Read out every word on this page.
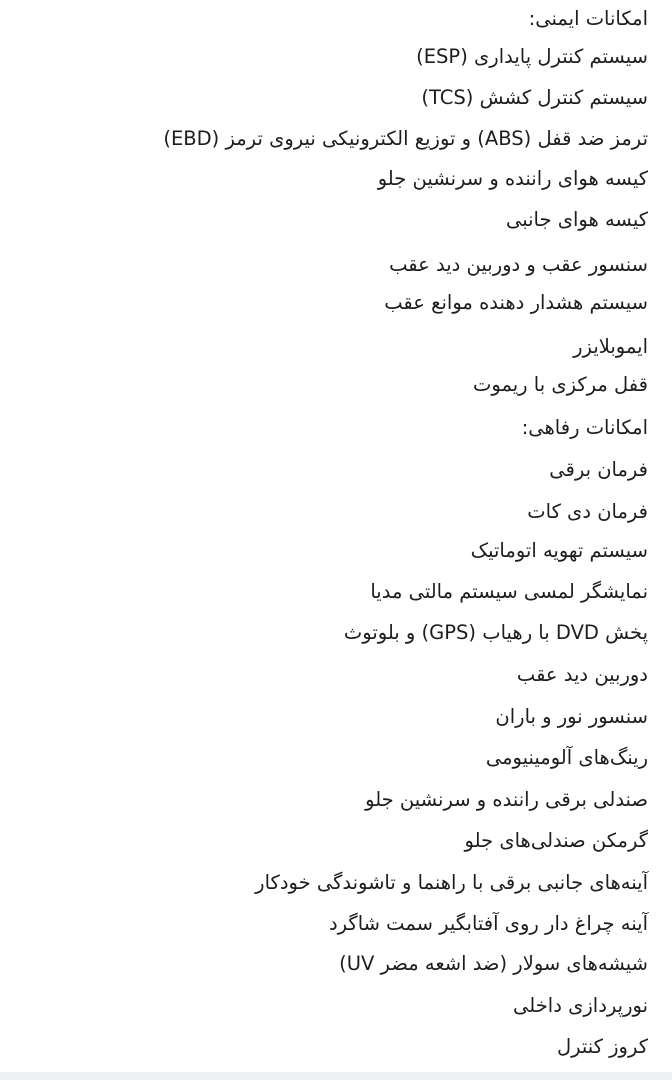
امکانات ایمنی:
سیستم کنترل پایداری (ESP)
سیستم کنترل کشش (TCS)
ترمز ضد قفل (ABS) و توزیع الکترونیکی نیروی ترمز (EBD)
کیسه هوای راننده و سرنشین جلو
کیسه هوای جانبی
سنسور عقب و دوربین دید عقب
سیستم هشدار دهنده موانع عقب
ایموبلایزر
قفل مرکزی با ریموت
امکانات رفاهی:
فرمان برقی
فرمان دی کات
سیستم تهویه اتوماتیک
نمایشگر لمسی سیستم مالتی مدیا
پخش DVD با رهیاب (GPS) و بلوتوث
دوربین دید عقب
سنسور نور و باران
رینگ‌های آلومینیومی
صندلی برقی راننده و سرنشین جلو
گرمکن صندلی‌های جلو
آینه‌های جانبی برقی با راهنما و تاشوندگی خودکار
آینه چراغ دار روی آفتابگیر سمت شاگرد
شیشه‌های سولار (ضد اشعه مضر UV)
نورپردازی داخلی
کروز کنترل
